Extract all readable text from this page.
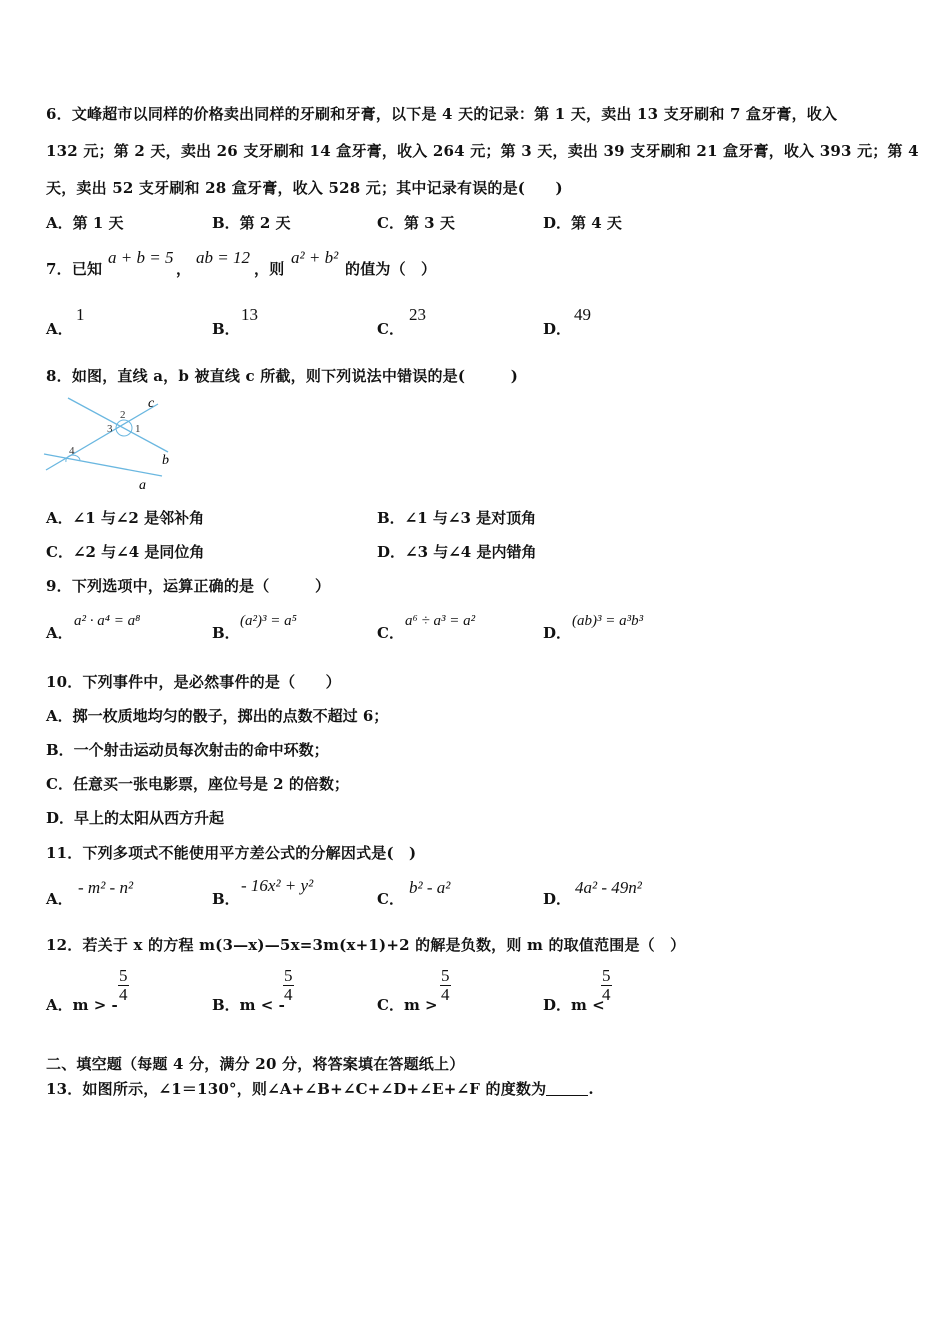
6．文峰超市以同样的价格卖出同样的牙刷和牙膏，以下是 4 天的记录：第 1 天，卖出 13 支牙刷和 7 盒牙膏，收入
132 元；第 2 天，卖出 26 支牙刷和 14 盒牙膏，收入 264 元；第 3 天，卖出 39 支牙刷和 21 盒牙膏，收入 393 元；第 4
天，卖出 52 支牙刷和 28 盒牙膏，收入 528 元；其中记录有误的是(　　)
A．第 1 天	B．第 2 天	C．第 3 天	D．第 4 天
7．已知
a + b = 5
，
ab = 12
，则
a² + b²
的值为（　）
A．
1
B．
13
C．
23
D．
49
8．如图，直线 a，b 被直线 c 所截，则下列说法中错误的是(　　　)
c
b
a
2
1
3
4
A．∠1 与∠2 是邻补角	B．∠1 与∠3 是对顶角
C．∠2 与∠4 是同位角	D．∠3 与∠4 是内错角
9．下列选项中，运算正确的是（　　　）
A．
a² · a⁴ = a⁸
B．
(a²)³ = a⁵
C．
a⁶ ÷ a³ = a²
D．
(ab)³ = a³b³
10．下列事件中，是必然事件的是（　　）
A．掷一枚质地均匀的骰子，掷出的点数不超过 6；
B．一个射击运动员每次射击的命中环数；
C．任意买一张电影票，座位号是 2 的倍数；
D．早上的太阳从西方升起
11．下列多项式不能使用平方差公式的分解因式是(　)
A．
- m² - n²
B．
- 16x² + y²
C．
b² - a²
D．
4a² - 49n²
12．若关于 x 的方程 m(3—x)—5x=3m(x+1)+2 的解是负数，则 m 的取值范围是（　）
A．m > -
$\frac{5}{4}$
B．m < -
$\frac{5}{4}$
C．m >
$\frac{5}{4}$
D．m <
$\frac{5}{4}$
二、填空题（每题 4 分，满分 20 分，将答案填在答题纸上）
13．如图所示，∠1＝130°，则∠A+∠B+∠C+∠D+∠E+∠F 的度数为	.
